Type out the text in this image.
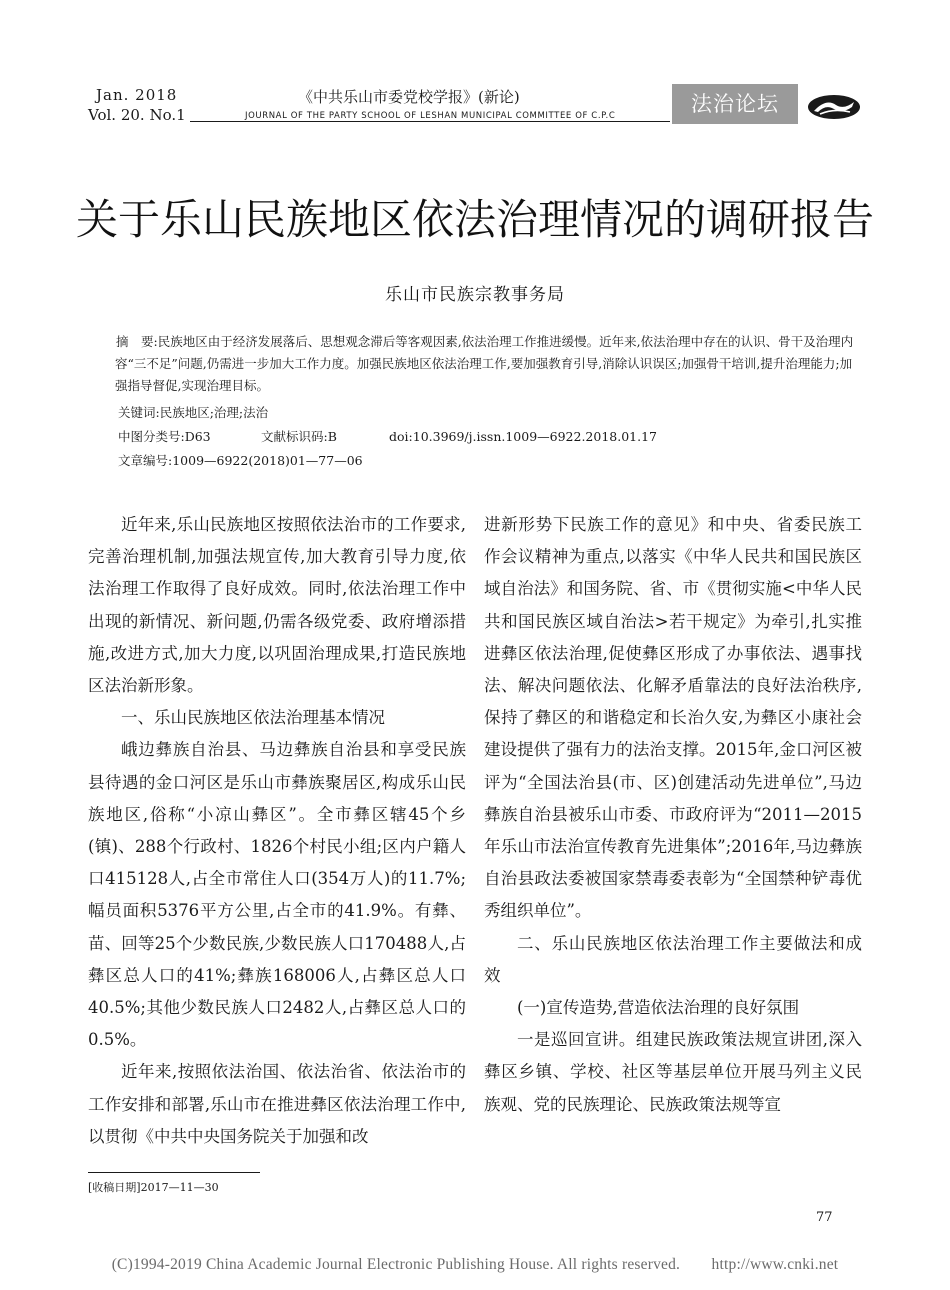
Jan. 2018
Vol. 20. No.1
《中共乐山市委党校学报》(新论)
JOURNAL OF THE PARTY SCHOOL OF LESHAN MUNICIPAL COMMITTEE OF C.P.C	法治论坛
关于乐山民族地区依法治理情况的调研报告
乐山市民族宗教事务局
摘　要:民族地区由于经济发展落后、思想观念滞后等客观因素,依法治理工作推进缓慢。近年来,依法治理中存在的认识、骨干及治理内容“三不足”问题,仍需进一步加大工作力度。加强民族地区依法治理工作,要加强教育引导,消除认识误区;加强骨干培训,提升治理能力;加强指导督促,实现治理目标。
关键词:民族地区;治理;法治
中图分类号:D63	文献标识码:B	doi:10.3969/j.issn.1009—6922.2018.01.17
文章编号:1009—6922(2018)01—77—06

近年来,乐山民族地区按照依法治市的工作要求,完善治理机制,加强法规宣传,加大教育引导力度,依法治理工作取得了良好成效。同时,依法治理工作中出现的新情况、新问题,仍需各级党委、政府增添措施,改进方式,加大力度,以巩固治理成果,打造民族地区法治新形象。

一、乐山民族地区依法治理基本情况

峨边彝族自治县、马边彝族自治县和享受民族县待遇的金口河区是乐山市彝族聚居区,构成乐山民族地区,俗称“小凉山彝区”。全市彝区辖45个乡(镇)、288个行政村、1826个村民小组;区内户籍人口415128人,占全市常住人口(354万人)的11.7%;幅员面积5376平方公里,占全市的41.9%。有彝、苗、回等25个少数民族,少数民族人口170488人,占彝区总人口的41%;彝族168006人,占彝区总人口40.5%;其他少数民族人口2482人,占彝区总人口的0.5%。

近年来,按照依法治国、依法治省、依法治市的工作安排和部署,乐山市在推进彝区依法治理工作中,以贯彻《中共中央国务院关于加强和改

进新形势下民族工作的意见》和中央、省委民族工作会议精神为重点,以落实《中华人民共和国民族区域自治法》和国务院、省、市《贯彻实施<中华人民共和国民族区域自治法>若干规定》为牵引,扎实推进彝区依法治理,促使彝区形成了办事依法、遇事找法、解决问题依法、化解矛盾靠法的良好法治秩序,保持了彝区的和谐稳定和长治久安,为彝区小康社会建设提供了强有力的法治支撑。2015年,金口河区被评为“全国法治县(市、区)创建活动先进单位”,马边彝族自治县被乐山市委、市政府评为“2011—2015年乐山市法治宣传教育先进集体”;2016年,马边彝族自治县政法委被国家禁毒委表彰为“全国禁种铲毒优秀组织单位”。

二、乐山民族地区依法治理工作主要做法和成效

(一)宣传造势,营造依法治理的良好氛围

一是巡回宣讲。组建民族政策法规宣讲团,深入彝区乡镇、学校、社区等基层单位开展马列主义民族观、党的民族理论、民族政策法规等宣

[收稿日期]2017—11—30
77
(C)1994-2019 China Academic Journal Electronic Publishing House. All rights reserved.　　http://www.cnki.net
